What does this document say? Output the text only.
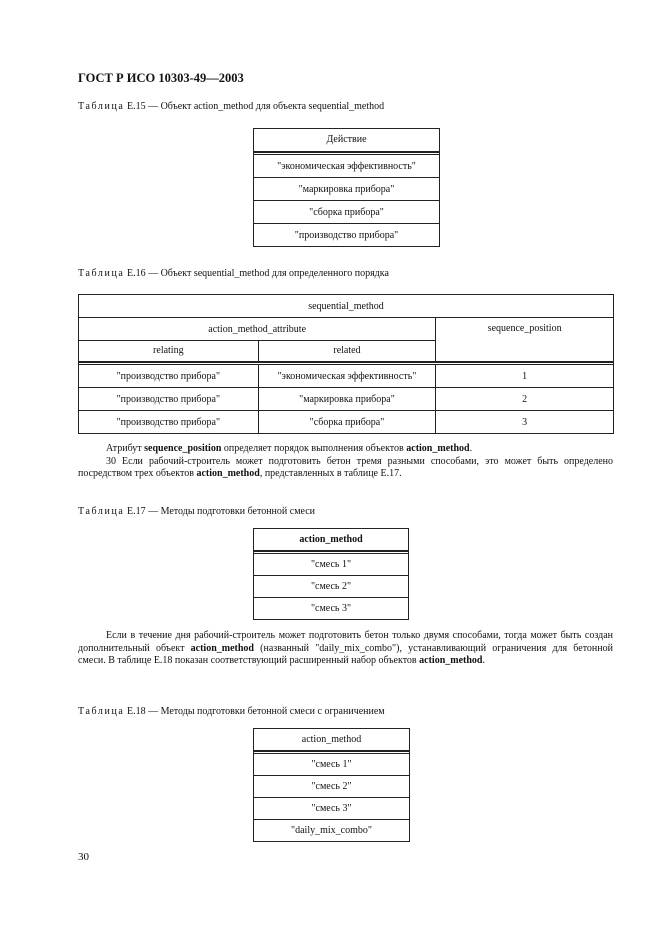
ГОСТ Р ИСО 10303-49—2003
Таблица Е.15 — Объект action_method для объекта sequential_method
Действие

"экономическая эффективность"
"маркировка прибора"
"сборка прибора"
"производство прибора"
Таблица Е.16 — Объект sequential_method для определенного порядка
sequential_method		
action_method_attribute		sequence_position
relating	related	

"производство прибора"	"экономическая эффективность"	1
"производство прибора"	"маркировка прибора"	2
"производство прибора"	"сборка прибора"	3
Атрибут sequence_position определяет порядок выполнения объектов action_method.
30 Если рабочий-строитель может подготовить бетон тремя разными способами, это может быть определено посредством трех объектов action_method, представленных в таблице Е.17.
Таблица Е.17 — Методы подготовки бетонной смеси
action_method

"смесь 1"
"смесь 2"
"смесь 3"
Если в течение дня рабочий-строитель может подготовить бетон только двумя способами, тогда может быть создан дополнительный объект action_method (названный "daily_mix_combo"), устанавливающий ограничения для бетонной смеси. В таблице Е.18 показан соответствующий расширенный набор объектов action_method.
Таблица Е.18 — Методы подготовки бетонной смеси с ограничением
action_method

"смесь 1"
"смесь 2"
"смесь 3"
"daily_mix_combo"
30
